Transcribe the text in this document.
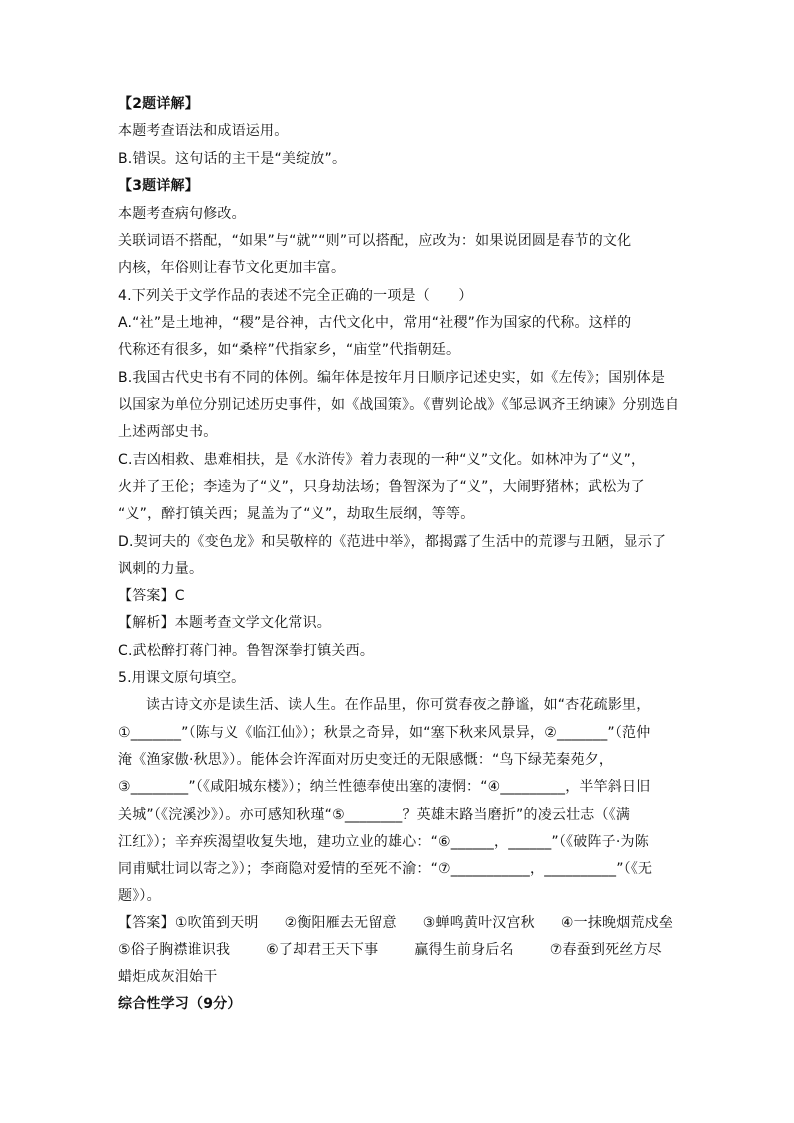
【2题详解】

本题考查语法和成语运用。

B.错误。这句话的主干是“美绽放”。

【3题详解】

本题考查病句修改。

关联词语不搭配，“如果”与“就”“则”可以搭配，应改为：如果说团圆是春节的文化

内核，年俗则让春节文化更加丰富。

4.下列关于文学作品的表述不完全正确的一项是（　　）

A.“社”是土地神，“稷”是谷神，古代文化中，常用“社稷”作为国家的代称。这样的

代称还有很多，如“桑梓”代指家乡，“庙堂”代指朝廷。

B.我国古代史书有不同的体例。编年体是按年月日顺序记述史实，如《左传》；国别体是

以国家为单位分别记述历史事件，如《战国策》。《曹刿论战》《邹忌讽齐王纳谏》分别选自

上述两部史书。

C.吉凶相救、患难相扶，是《水浒传》着力表现的一种“义”文化。如林冲为了“义”，

火并了王伦；李逵为了“义”，只身劫法场；鲁智深为了“义”，大闹野猪林；武松为了

“义”，醉打镇关西；晁盖为了“义”，劫取生辰纲，等等。

D.契诃夫的《变色龙》和吴敬梓的《范进中举》，都揭露了生活中的荒谬与丑陋，显示了

讽刺的力量。

【答案】C

【解析】本题考查文学文化常识。

C.武松醉打蒋门神。鲁智深拳打镇关西。

5.用课文原句填空。

读古诗文亦是读生活、读人生。在作品里，你可赏春夜之静谧，如“杏花疏影里，

①_______”（陈与义《临江仙》）；秋景之奇异，如“塞下秋来风景异，②_______”（范仲

淹《渔家傲·秋思》）。能体会许浑面对历史变迁的无限感慨：“鸟下绿芜秦苑夕，

③________”（《咸阳城东楼》）；纳兰性德奉使出塞的凄惘：“④_________，半竿斜日旧

关城”（《浣溪沙》）。亦可感知秋瑾“⑤________？英雄末路当磨折”的凌云壮志（《满

江红》）；辛弃疾渴望收复失地，建功立业的雄心：“⑥______，______”（《破阵子·为陈

同甫赋壮词以寄之》）；李商隐对爱情的至死不渝：“⑦___________，__________”（《无

题》）。

【答案】①吹笛到天明 ②衡阳雁去无留意 ③蝉鸣黄叶汉宫秋 ④一抹晚烟荒戍垒

⑤俗子胸襟谁识我	⑥了却君王天下事	赢得生前身后名	⑦春蚕到死丝方尽

蜡炬成灰泪始干

综合性学习（9分）
